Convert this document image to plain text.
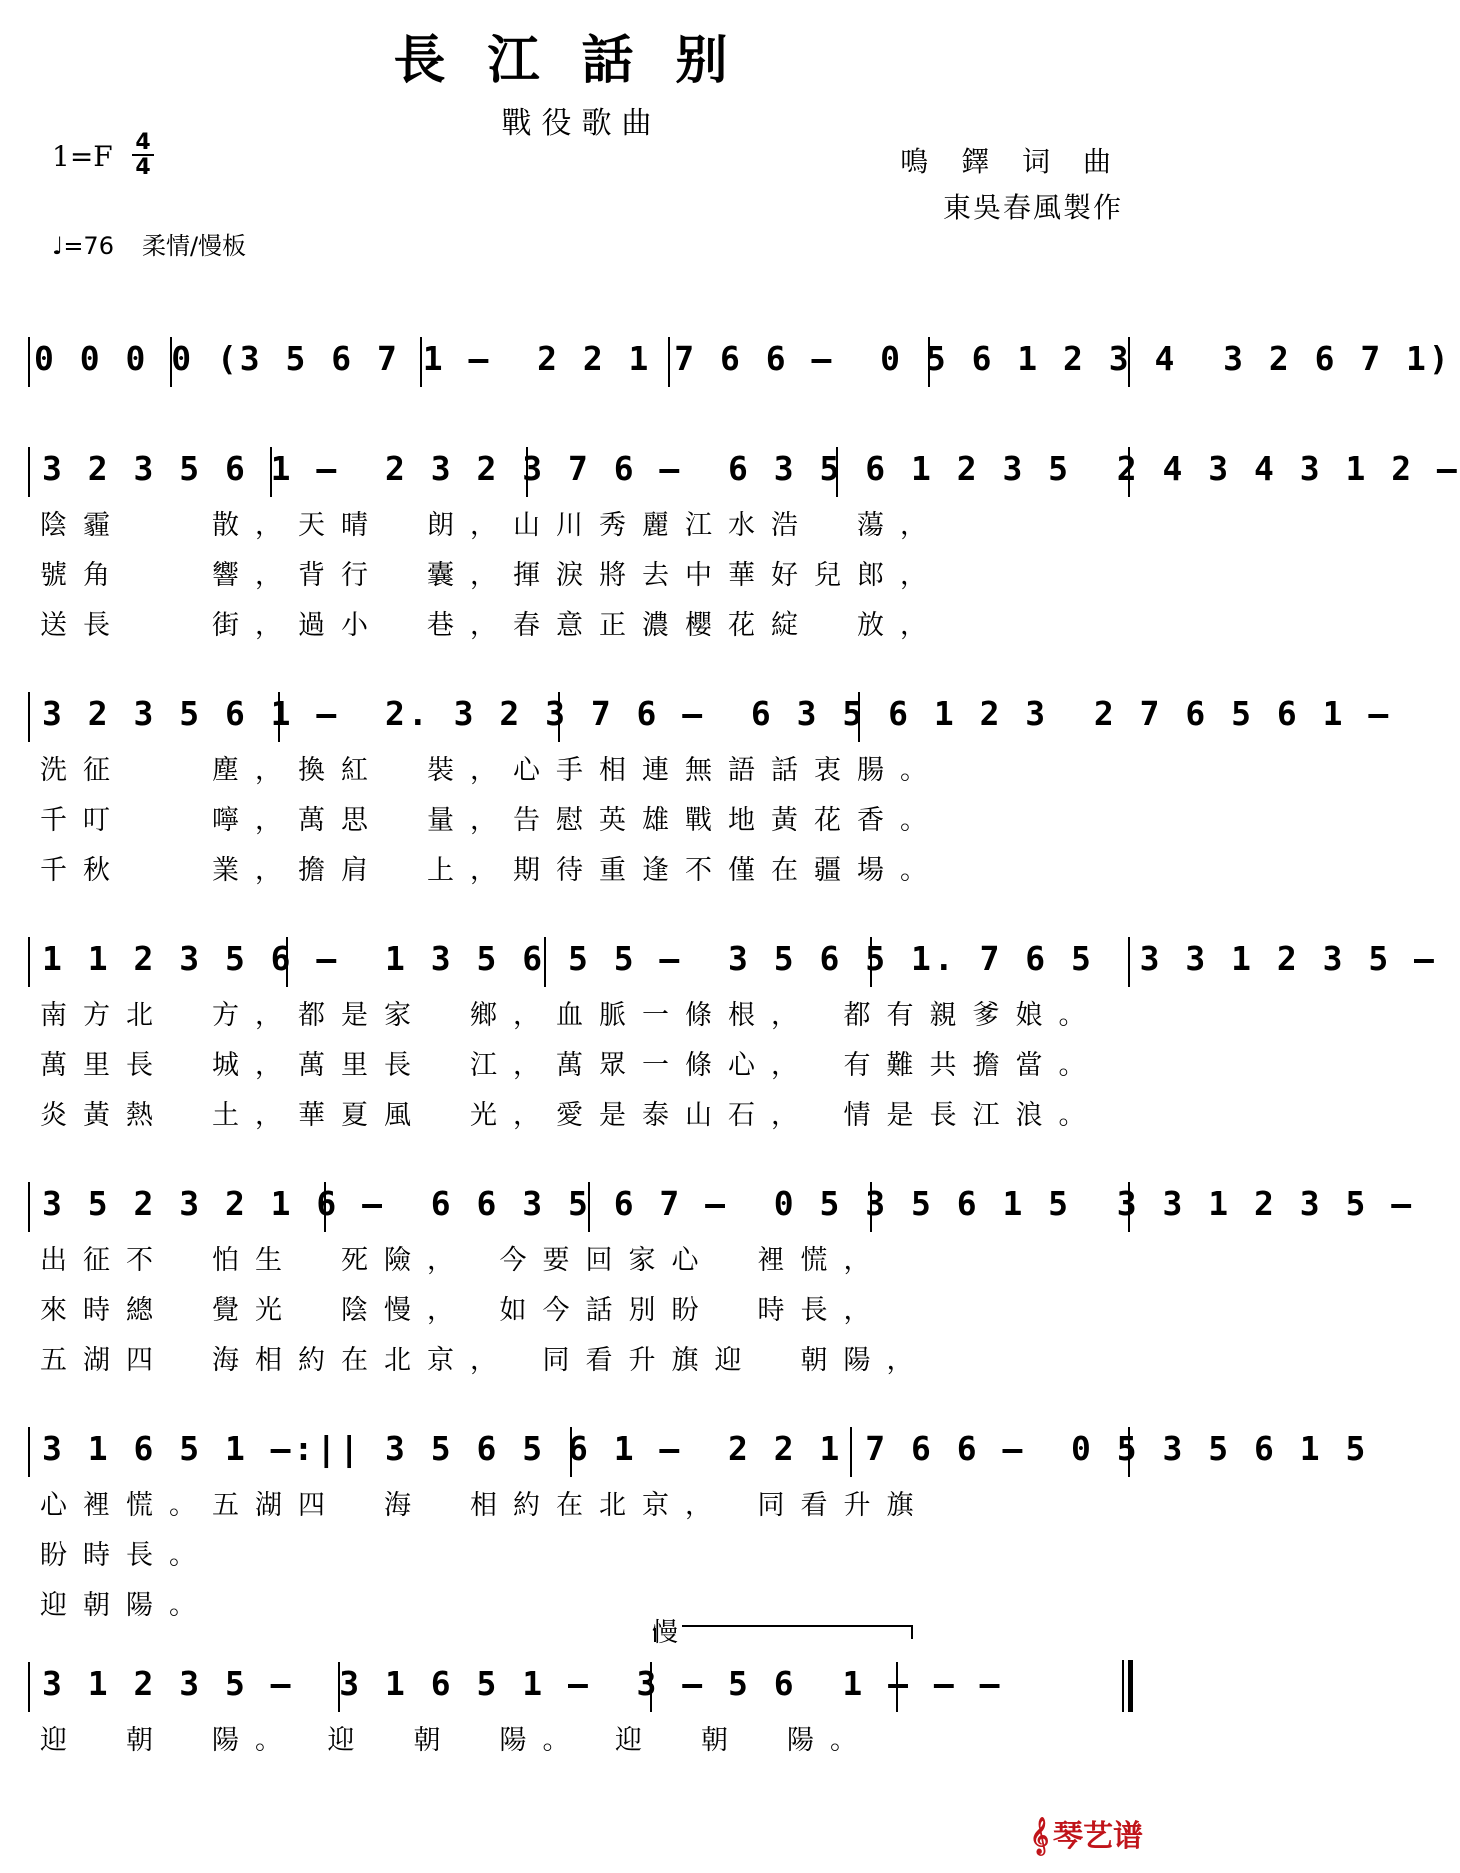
長江話别
戰役歌曲
1=F 4
4	鳴 鐸 词 曲
東吳春風製作
♩=76 柔情/慢板
0 0 0 0 (3 5 6 7 1 –  2 2 1 7 6 6 –  0 5 6 1 2 3 4  3 2 6 7 1)
3 2 3 5 6 1 –  2 3 2 3 7 6 –  6 3 5 6 1 2 3 5  2 4 3 4 3 1 2 –
陰霾　　散，天晴　朗，山川秀麗江水浩　蕩，
號角　　響，背行　囊，揮淚將去中華好兒郎，
送長　　街，過小　巷，春意正濃櫻花綻　放，
3 2 3 5 6 1 –  2. 3 2 3 7 6 –  6 3 5 6 1 2 3  2 7 6 5 6 1 –
洗征　　塵，換紅　裝，心手相連無語話衷腸。
千叮　　嚀，萬思　量，告慰英雄戰地黃花香。
千秋　　業，擔肩　上，期待重逢不僅在疆場。
1 1 2 3 5 6 –  1 3 5 6 5 5 –  3 5 6 5 1. 7 6 5  3 3 1 2 3 5 –
南方北　方，都是家　鄉，血脈一條根，　都有親爹娘。
萬里長　城，萬里長　江，萬眾一條心，　有難共擔當。
炎黃熱　土，華夏風　光，愛是泰山石，　情是長江浪。
3 5 2 3 2 1 6 –  6 6 3 5 6 7 –  0 5 3 5 6 1 5  3 3 1 2 3 5 –
出征不　怕生　死險，　今要回家心　裡慌，
來時總　覺光　陰慢，　如今話別盼　時長，
五湖四　海相約在北京，　同看升旗迎　朝陽，
3 1 6 5 1 –:|| 3 5 6 5 6 1 –  2 2 1 7 6 6 –  0 5 3 5 6 1 5
心裡慌。五湖四　海　相約在北京，　同看升旗
盼時長。
迎朝陽。
慢
3 1 2 3 5 –  3 1 6 5 1 –  3 – 5 6  1 – – –
迎　朝　陽。　迎　朝　陽。　迎　朝　陽。
𝄞 琴艺谱
